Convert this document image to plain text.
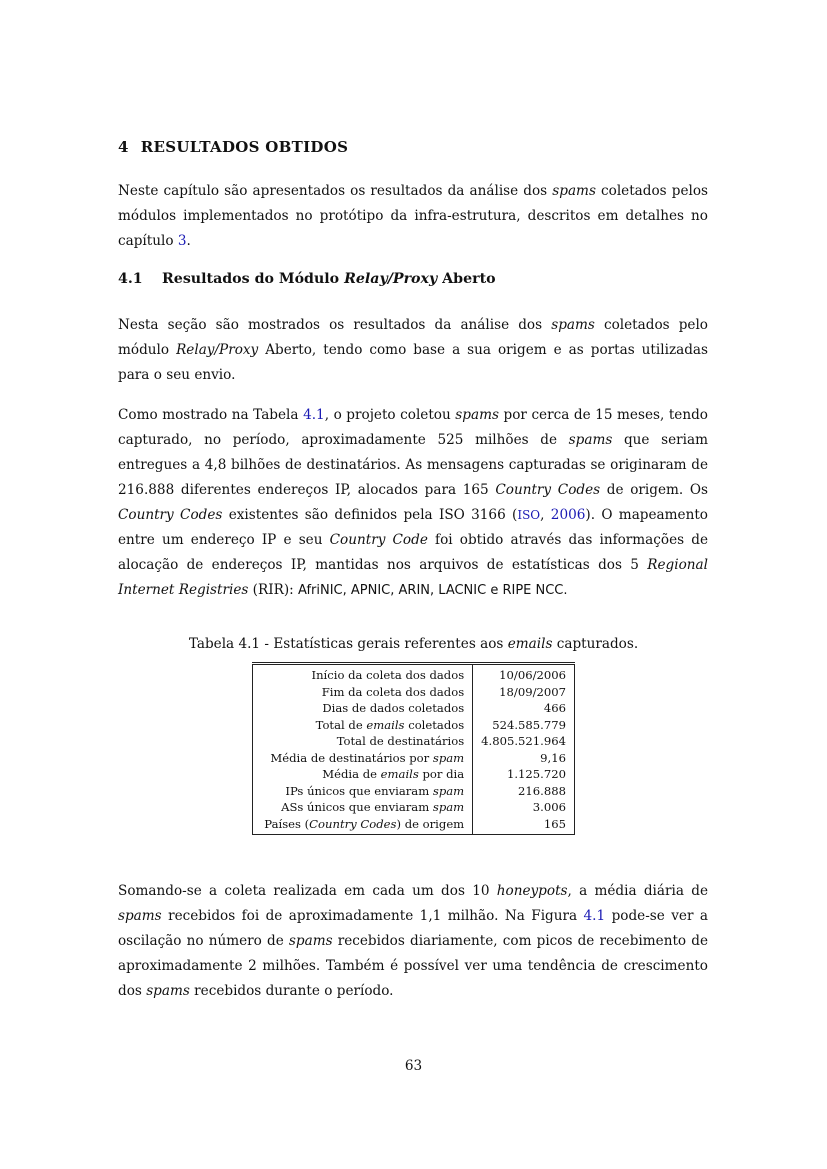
4 RESULTADOS OBTIDOS

Neste capítulo são apresentados os resultados da análise dos spams coletados pelos módulos implementados no protótipo da infra-estrutura, descritos em detalhes no capítulo 3.

4.1 Resultados do Módulo Relay/Proxy Aberto

Nesta seção são mostrados os resultados da análise dos spams coletados pelo módulo Relay/Proxy Aberto, tendo como base a sua origem e as portas utilizadas para o seu envio.

Como mostrado na Tabela 4.1, o projeto coletou spams por cerca de 15 meses, tendo capturado, no período, aproximadamente 525 milhões de spams que seriam entregues a 4,8 bilhões de destinatários. As mensagens capturadas se originaram de 216.888 diferentes endereços IP, alocados para 165 Country Codes de origem. Os Country Codes existentes são definidos pela ISO 3166 (ISO, 2006). O mapeamento entre um endereço IP e seu Country Code foi obtido através das informações de alocação de endereços IP, mantidas nos arquivos de estatísticas dos 5 Regional Internet Registries (RIR): AfriNIC, APNIC, ARIN, LACNIC e RIPE NCC.

Tabela 4.1 - Estatísticas gerais referentes aos emails capturados.
Início da coleta dos dados	10/06/2006
Fim da coleta dos dados	18/09/2007
Dias de dados coletados	466
Total de emails coletados	524.585.779
Total de destinatários	4.805.521.964
Média de destinatários por spam	9,16
Média de emails por dia	1.125.720
IPs únicos que enviaram spam	216.888
ASs únicos que enviaram spam	3.006
Países (Country Codes) de origem	165

Somando-se a coleta realizada em cada um dos 10 honeypots, a média diária de spams recebidos foi de aproximadamente 1,1 milhão. Na Figura 4.1 pode-se ver a oscilação no número de spams recebidos diariamente, com picos de recebimento de aproximadamente 2 milhões. Também é possível ver uma tendência de crescimento dos spams recebidos durante o período.

63
